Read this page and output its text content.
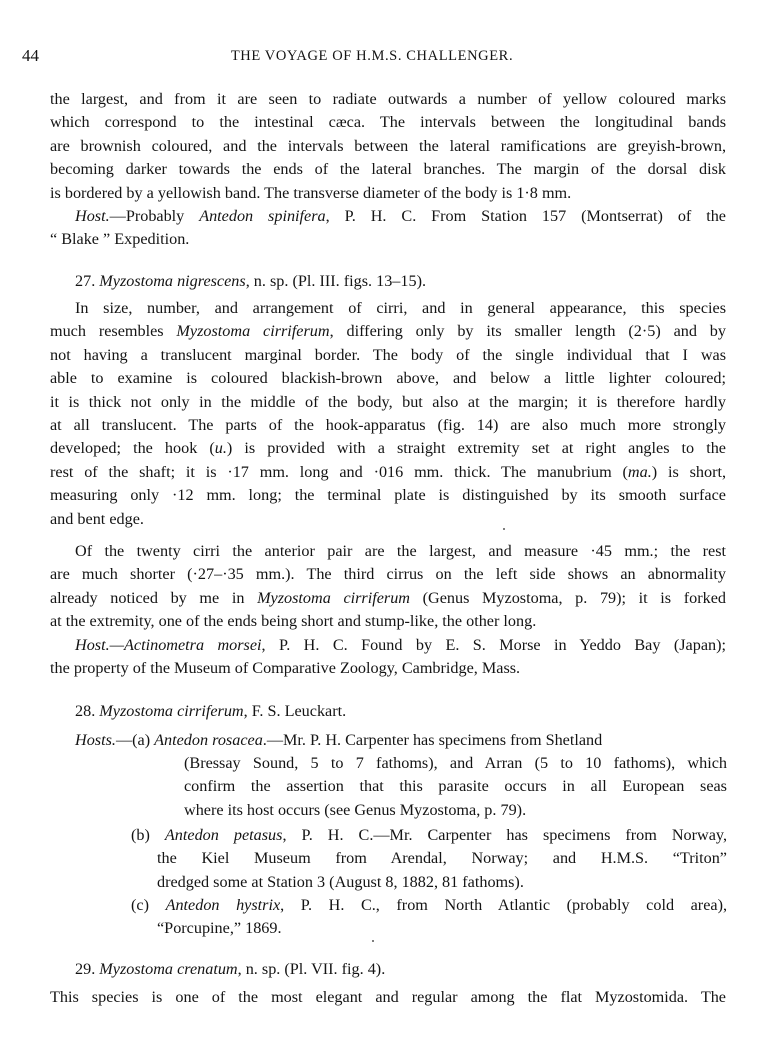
44	THE VOYAGE OF H.M.S. CHALLENGER.
the largest, and from it are seen to radiate outwards a number of yellow coloured marks
which correspond to the intestinal cæca. The intervals between the longitudinal bands
are brownish coloured, and the intervals between the lateral ramifications are greyish-brown,
becoming darker towards the ends of the lateral branches. The margin of the dorsal disk
is bordered by a yellowish band. The transverse diameter of the body is 1·8 mm.
Host.—Probably Antedon spinifera, P. H. C. From Station 157 (Montserrat) of the
“ Blake ” Expedition.
27. Myzostoma nigrescens, n. sp. (Pl. III. figs. 13–15).
In size, number, and arrangement of cirri, and in general appearance, this species
much resembles Myzostoma cirriferum, differing only by its smaller length (2·5) and by
not having a translucent marginal border. The body of the single individual that I was
able to examine is coloured blackish-brown above, and below a little lighter coloured;
it is thick not only in the middle of the body, but also at the margin; it is therefore hardly
at all translucent. The parts of the hook-apparatus (fig. 14) are also much more strongly
developed; the hook (u.) is provided with a straight extremity set at right angles to the
rest of the shaft; it is ·17 mm. long and ·016 mm. thick. The manubrium (ma.) is short,
measuring only ·12 mm. long; the terminal plate is distinguished by its smooth surface
and bent edge.
Of the twenty cirri the anterior pair are the largest, and measure ·45 mm.; the rest
are much shorter (·27–·35 mm.). The third cirrus on the left side shows an abnormality
already noticed by me in Myzostoma cirriferum (Genus Myzostoma, p. 79); it is forked
at the extremity, one of the ends being short and stump-like, the other long.
Host.—Actinometra morsei, P. H. C. Found by E. S. Morse in Yeddo Bay (Japan);
the property of the Museum of Comparative Zoology, Cambridge, Mass.
28. Myzostoma cirriferum, F. S. Leuckart.
Hosts.—(a) Antedon rosacea.—Mr. P. H. Carpenter has specimens from Shetland
(Bressay Sound, 5 to 7 fathoms), and Arran (5 to 10 fathoms), which
confirm the assertion that this parasite occurs in all European seas
where its host occurs (see Genus Myzostoma, p. 79).
(b) Antedon petasus, P. H. C.—Mr. Carpenter has specimens from Norway,
the Kiel Museum from Arendal, Norway; and H.M.S. “Triton”
dredged some at Station 3 (August 8, 1882, 81 fathoms).
(c) Antedon hystrix, P. H. C., from North Atlantic (probably cold area),
“Porcupine,” 1869.
29. Myzostoma crenatum, n. sp. (Pl. VII. fig. 4).
This species is one of the most elegant and regular among the flat Myzostomida. The
